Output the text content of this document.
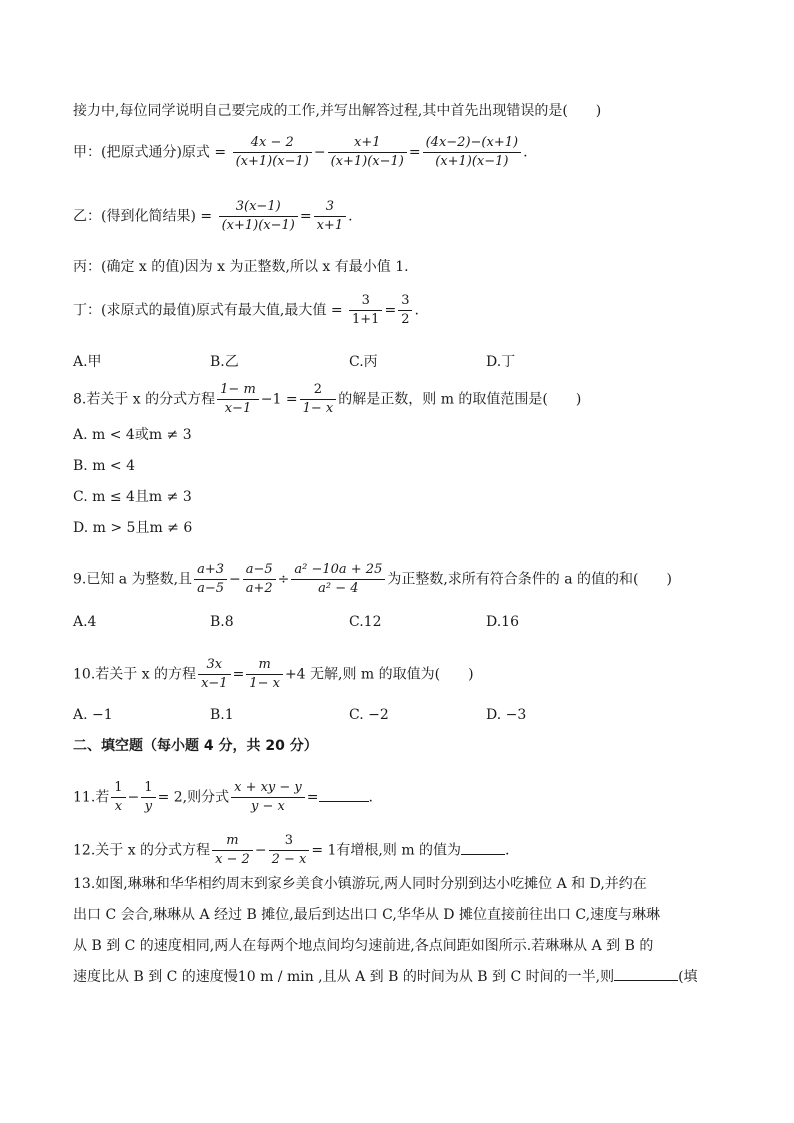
接力中,每位同学说明自己要完成的工作,并写出解答过程,其中首先出现错误的是(　　)
甲：(把原式通分)原式 = $\frac{4x - 2}{(x+1)(x-1)} - \frac{x+1}{(x+1)(x-1)} = \frac{(4x-2)-(x+1)}{(x+1)(x-1)}$ .
乙：(得到化简结果) = $\frac{3(x-1)}{(x+1)(x-1)} = \frac{3}{x+1}$ .
丙：(确定 x 的值)因为 x 为正整数,所以 x 有最小值 1.
丁：(求原式的最值)原式有最大值,最大值 = $\frac{3}{1+1} = \frac{3}{2}$ .
A.甲	B.乙	C.丙	D.丁
8.若关于 x 的分式方程 $\frac{1- m}{x-1} -1 = \frac{2}{1- x}$ 的解是正数，则 m 的取值范围是(　　)
A. m < 4或m ≠ 3
B. m < 4
C. m ≤ 4且m ≠ 3
D. m > 5且m ≠ 6
9.已知 a 为整数,且 $\frac{a+3}{a-5} - \frac{a-5}{a+2} \div \frac{\text{a² −10a + 25}}{\text{a² − 4}}$ 为正整数,求所有符合条件的 a 的值的和(　　)
A.4	B.8	C.12	D.16
10.若关于 x 的方程 $\frac{3x}{x-1} = \frac{m}{1- x} +4$ 无解,则 m 的取值为(　　)
A. −1	B.1	C. −2	D. −3
二、填空题（每小题 4 分，共 20 分）
11.若 $\frac{1}{x} - \frac{1}{y} = 2$,则分式 $\frac{x + xy - y}{y - x}$ =	.
12.关于 x 的分式方程 $\frac{m}{x - 2} - \frac{3}{2 - x} = 1$有增根,则 m 的值为	.
13.如图,琳琳和华华相约周末到家乡美食小镇游玩,两人同时分别到达小吃摊位 A 和 D,并约在
出口 C 会合,琳琳从 A 经过 B 摊位,最后到达出口 C,华华从 D 摊位直接前往出口 C,速度与琳琳
从 B 到 C 的速度相同,两人在每两个地点间均匀速前进,各点间距如图所示.若琳琳从 A 到 B 的
速度比从 B 到 C 的速度慢10 m / min ,且从 A 到 B 的时间为从 B 到 C 时间的一半,则	(填
